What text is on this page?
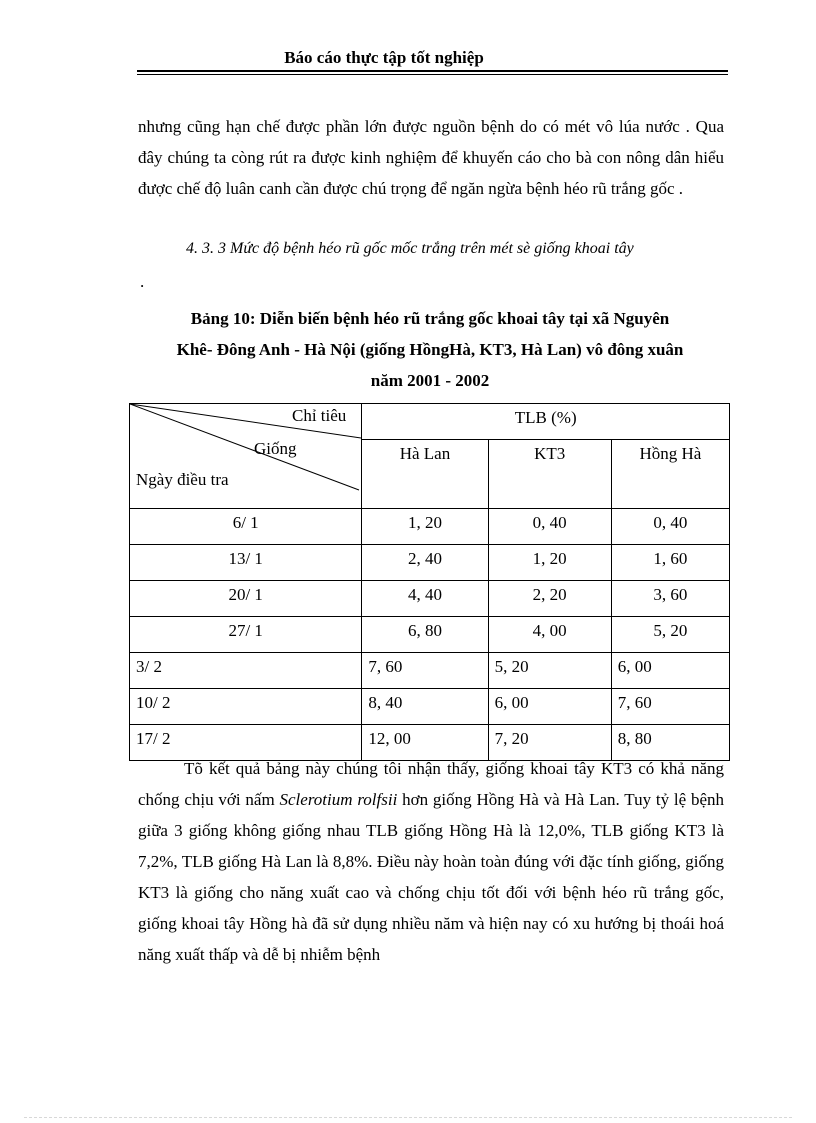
Báo cáo thực tập tốt nghiệp
nhưng cũng hạn chế được phần lớn được nguồn bệnh do có mét vô lúa nước . Qua đây chúng ta còng rút ra được kinh nghiệm để khuyến cáo cho bà con nông dân hiểu được chế độ luân canh cần được chú trọng để ngăn ngừa bệnh héo rũ trắng gốc .
4. 3. 3 Mức độ bệnh héo rũ gốc mốc trắng trên mét sè giống khoai tây
.
Bảng 10: Diễn biến bệnh héo rũ trắng gốc khoai tây tại xã Nguyên
Khê- Đông Anh - Hà Nội (giống HồngHà, KT3, Hà Lan) vô đông xuân
năm 2001 - 2002
Chỉ tiêu
Giống
Ngày điều tra	TLB (%)		
	Hà Lan	KT3	Hồng Hà
6/ 1	1, 20	0, 40	0, 40
13/ 1	2, 40	1, 20	1, 60
20/ 1	4, 40	2, 20	3, 60
27/ 1	6, 80	4, 00	5, 20
3/ 2	7, 60	5, 20	6, 00
10/ 2	8, 40	6, 00	7, 60
17/ 2	12, 00	7, 20	8, 80
Tõ kết quả bảng này chúng tôi nhận thấy, giống khoai tây KT3 có khả năng chống chịu với nấm Sclerotium rolfsii hơn giống Hồng Hà và Hà Lan. Tuy tỷ lệ bệnh giữa 3 giống không giống nhau TLB giống Hồng Hà là 12,0%, TLB giống KT3 là 7,2%, TLB giống Hà Lan là 8,8%. Điều này hoàn toàn đúng với đặc tính giống, giống KT3 là giống cho năng xuất cao và chống chịu tốt đối với bệnh héo rũ trắng gốc, giống khoai tây Hồng hà đã sử dụng nhiều năm và hiện nay có xu hướng bị thoái hoá năng xuất thấp và dễ bị nhiễm bệnh
